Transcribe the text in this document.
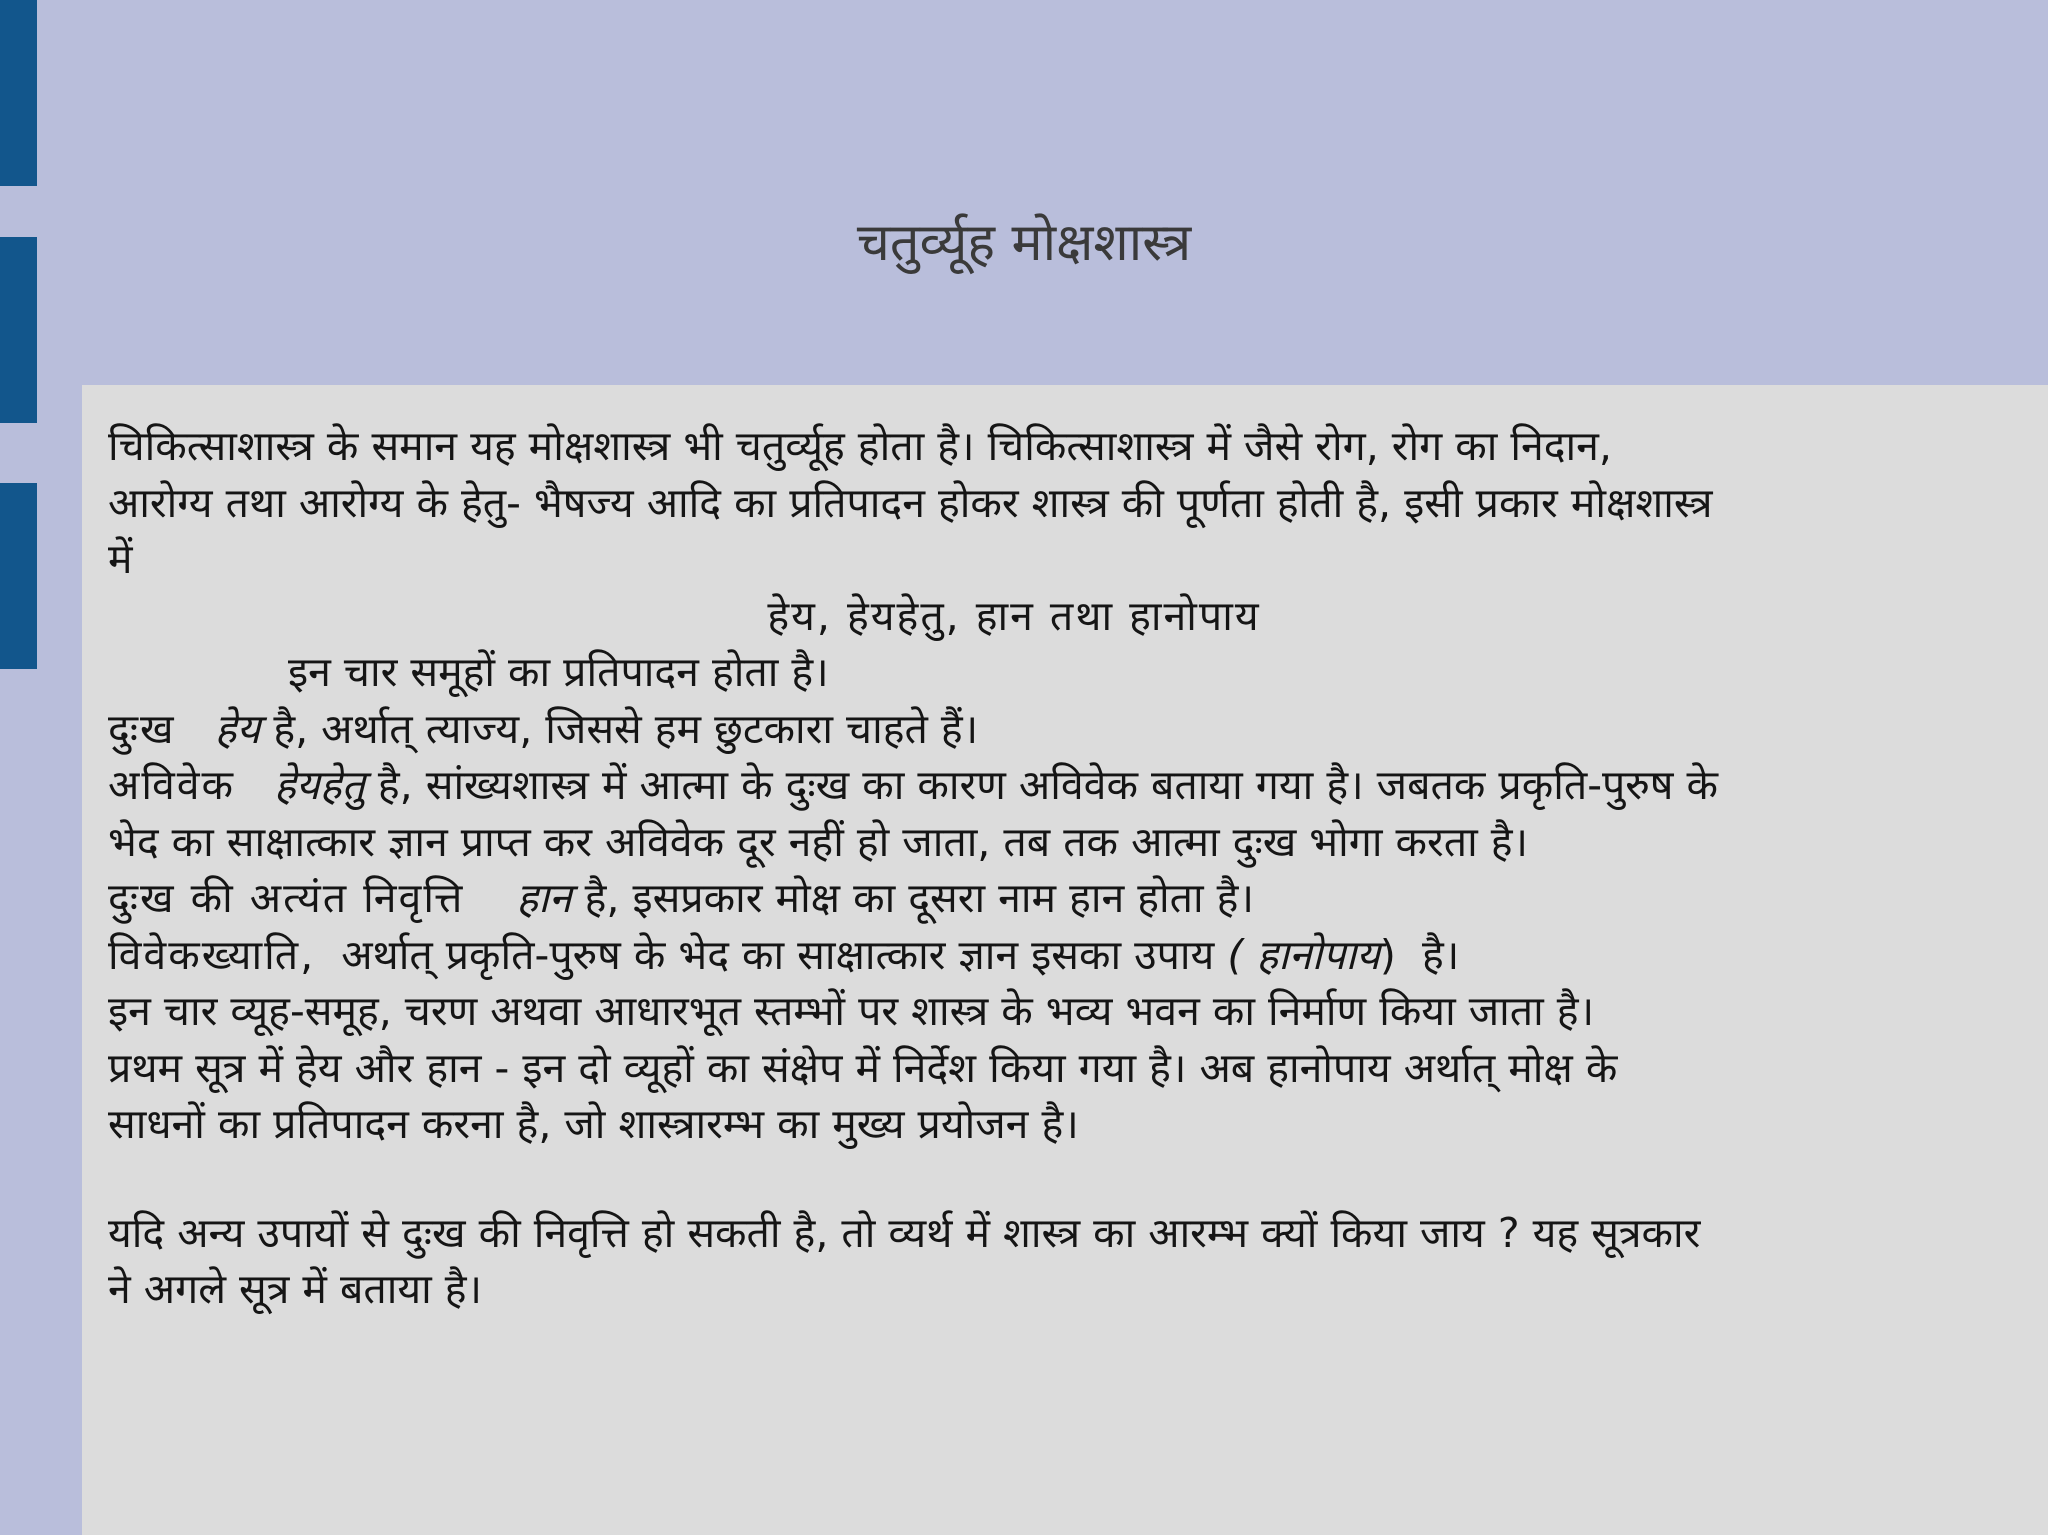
चतुर्व्यूह मोक्षशास्त्र
चिकित्साशास्त्र के समान यह मोक्षशास्त्र भी चतुर्व्यूह होता है। चिकित्साशास्त्र में जैसे रोग, रोग का निदान,
आरोग्य तथा आरोग्य के हेतु- भैषज्य आदि का प्रतिपादन होकर शास्त्र की पूर्णता होती है, इसी प्रकार मोक्षशास्त्र
में
हेय, हेयहेतु, हान तथा हानोपाय
इन चार समूहों का प्रतिपादन होता है।
दुःख हेय है, अर्थात् त्याज्य, जिससे हम छुटकारा चाहते हैं।
अविवेक हेयहेतु है, सांख्यशास्त्र में आत्मा के दुःख का कारण अविवेक बताया गया है। जबतक प्रकृति-पुरुष के
भेद का साक्षात्कार ज्ञान प्राप्त कर अविवेक दूर नहीं हो जाता, तब तक आत्मा दुःख भोगा करता है।
दुःख की अत्यंत निवृत्ति हान है, इसप्रकार मोक्ष का दूसरा नाम हान होता है।
विवेकख्याति, अर्थात् प्रकृति-पुरुष के भेद का साक्षात्कार ज्ञान इसका उपाय ( हानोपाय) है।
इन चार व्यूह-समूह, चरण अथवा आधारभूत स्तम्भों पर शास्त्र के भव्य भवन का निर्माण किया जाता है।
प्रथम सूत्र में हेय और हान - इन दो व्यूहों का संक्षेप में निर्देश किया गया है। अब हानोपाय अर्थात् मोक्ष के
साधनों का प्रतिपादन करना है, जो शास्त्रारम्भ का मुख्य प्रयोजन है।
यदि अन्य उपायों से दुःख की निवृत्ति हो सकती है, तो व्यर्थ में शास्त्र का आरम्भ क्यों किया जाय ? यह सूत्रकार
ने अगले सूत्र में बताया है।
